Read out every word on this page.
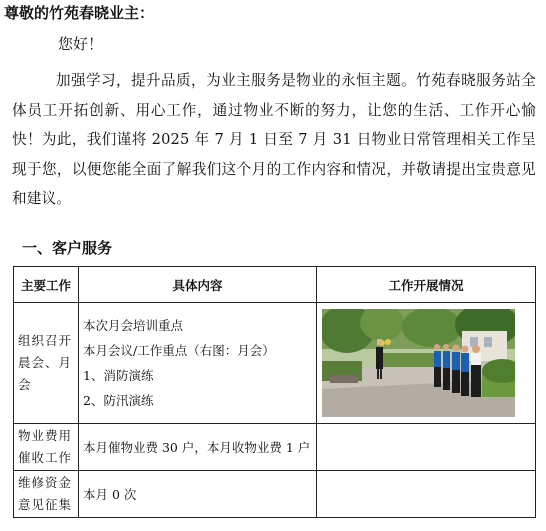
尊敬的竹苑春晓业主：
您好！
加强学习，提升品质，为业主服务是物业的永恒主题。竹苑春晓服务站全体员工开拓创新、用心工作，通过物业不断的努力，让您的生活、工作开心愉快！为此，我们谨将 2025 年 7 月 1 日至 7 月 31 日物业日常管理相关工作呈现于您，以便您能全面了解我们这个月的工作内容和情况，并敬请提出宝贵意见和建议。
一、客户服务
主要工作	具体内容	工作开展情况
组织召开晨会、月会	本次月会培训重点
本月会议/工作重点（右图：月会）
1、消防演练
2、防汛演练

物业费用催收工作	本月催物业费 30 户，本月收物业费 1 户	

维修资金意见征集	本月 0 次	
